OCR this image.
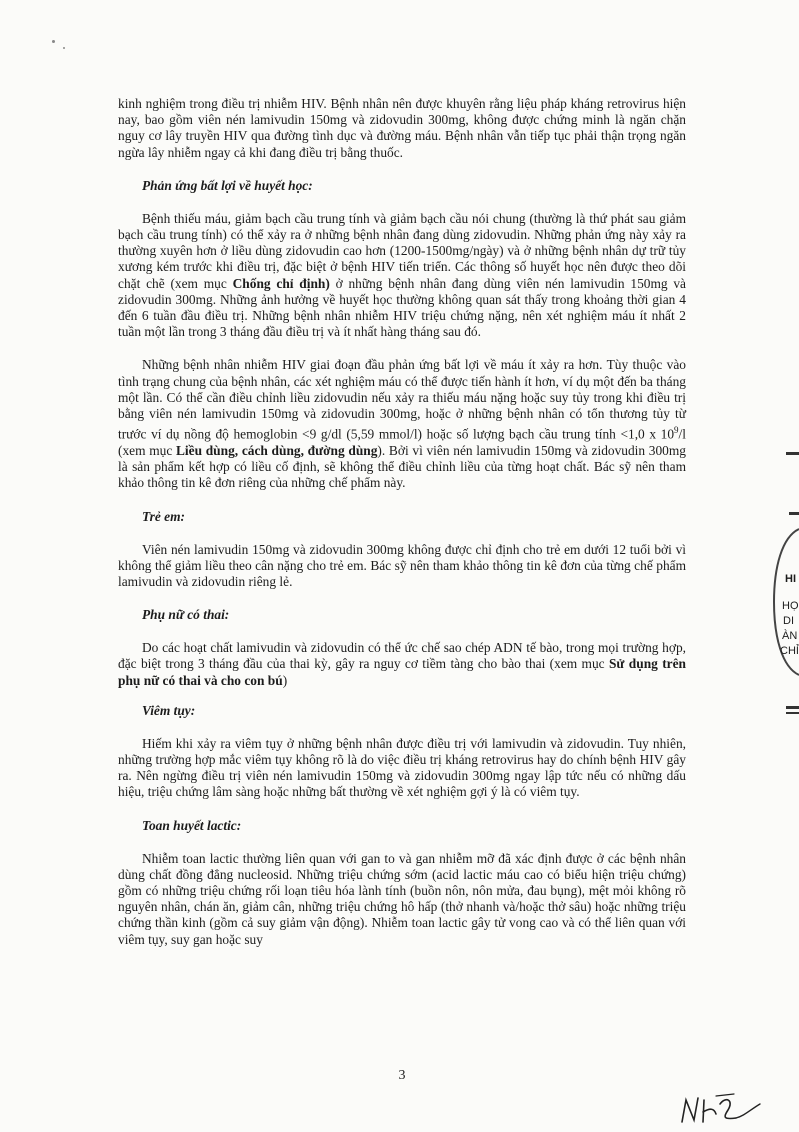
kinh nghiệm trong điều trị nhiễm HIV. Bệnh nhân nên được khuyên rằng liệu pháp kháng retrovirus hiện nay, bao gồm viên nén lamivudin 150mg và zidovudin 300mg, không được chứng minh là ngăn chặn nguy cơ lây truyền HIV qua đường tình dục và đường máu. Bệnh nhân vẫn tiếp tục phải thận trọng ngăn ngừa lây nhiễm ngay cả khi đang điều trị bằng thuốc.

Phản ứng bất lợi về huyết học:

Bệnh thiếu máu, giảm bạch cầu trung tính và giảm bạch cầu nói chung (thường là thứ phát sau giảm bạch cầu trung tính) có thể xảy ra ở những bệnh nhân đang dùng zidovudin. Những phản ứng này xảy ra thường xuyên hơn ở liều dùng zidovudin cao hơn (1200-1500mg/ngày) và ở những bệnh nhân dự trữ tủy xương kém trước khi điều trị, đặc biệt ở bệnh HIV tiến triển. Các thông số huyết học nên được theo dõi chặt chẽ (xem mục Chống chỉ định) ở những bệnh nhân đang dùng viên nén lamivudin 150mg và zidovudin 300mg. Những ảnh hưởng về huyết học thường không quan sát thấy trong khoảng thời gian 4 đến 6 tuần đầu điều trị. Những bệnh nhân nhiễm HIV triệu chứng nặng, nên xét nghiệm máu ít nhất 2 tuần một lần trong 3 tháng đầu điều trị và ít nhất hàng tháng sau đó.

Những bệnh nhân nhiễm HIV giai đoạn đầu phản ứng bất lợi về máu ít xảy ra hơn. Tùy thuộc vào tình trạng chung của bệnh nhân, các xét nghiệm máu có thể được tiến hành ít hơn, ví dụ một đến ba tháng một lần. Có thể cần điều chỉnh liều zidovudin nếu xảy ra thiếu máu nặng hoặc suy tủy trong khi điều trị bằng viên nén lamivudin 150mg và zidovudin 300mg, hoặc ở những bệnh nhân có tổn thương tủy từ trước ví dụ nồng độ hemoglobin <9 g/dl (5,59 mmol/l) hoặc số lượng bạch cầu trung tính <1,0 x $10^9/l$ (xem mục Liều dùng, cách dùng, đường dùng). Bởi vì viên nén lamivudin 150mg và zidovudin 300mg là sản phẩm kết hợp có liều cố định, sẽ không thể điều chỉnh liều của từng hoạt chất. Bác sỹ nên tham khảo thông tin kê đơn riêng của những chế phẩm này.

Trẻ em:

Viên nén lamivudin 150mg và zidovudin 300mg không được chỉ định cho trẻ em dưới 12 tuổi bởi vì không thể giảm liều theo cân nặng cho trẻ em. Bác sỹ nên tham khảo thông tin kê đơn của từng chế phẩm lamivudin và zidovudin riêng lẻ.

Phụ nữ có thai:

Do các hoạt chất lamivudin và zidovudin có thể ức chế sao chép ADN tế bào, trong mọi trường hợp, đặc biệt trong 3 tháng đầu của thai kỳ, gây ra nguy cơ tiềm tàng cho bào thai (xem mục Sử dụng trên phụ nữ có thai và cho con bú)

Viêm tụy:

Hiếm khi xảy ra viêm tụy ở những bệnh nhân được điều trị với lamivudin và zidovudin. Tuy nhiên, những trường hợp mắc viêm tụy không rõ là do việc điều trị kháng retrovirus hay do chính bệnh HIV gây ra. Nên ngừng điều trị viên nén lamivudin 150mg và zidovudin 300mg ngay lập tức nếu có những dấu hiệu, triệu chứng lâm sàng hoặc những bất thường về xét nghiệm gợi ý là có viêm tụy.

Toan huyết lactic:

Nhiễm toan lactic thường liên quan với gan to và gan nhiễm mỡ đã xác định được ở các bệnh nhân dùng chất đồng đẳng nucleosid. Những triệu chứng sớm (acid lactic máu cao có biểu hiện triệu chứng) gồm có những triệu chứng rối loạn tiêu hóa lành tính (buồn nôn, nôn mửa, đau bụng), mệt mỏi không rõ nguyên nhân, chán ăn, giảm cân, những triệu chứng hô hấp (thở nhanh và/hoặc thở sâu) hoặc những triệu chứng thần kinh (gồm cả suy giảm vận động). Nhiễm toan lactic gây tử vong cao và có thể liên quan với viêm tụy, suy gan hoặc suy

3
HI
HỌ
DI
ÀN
CHỈ
